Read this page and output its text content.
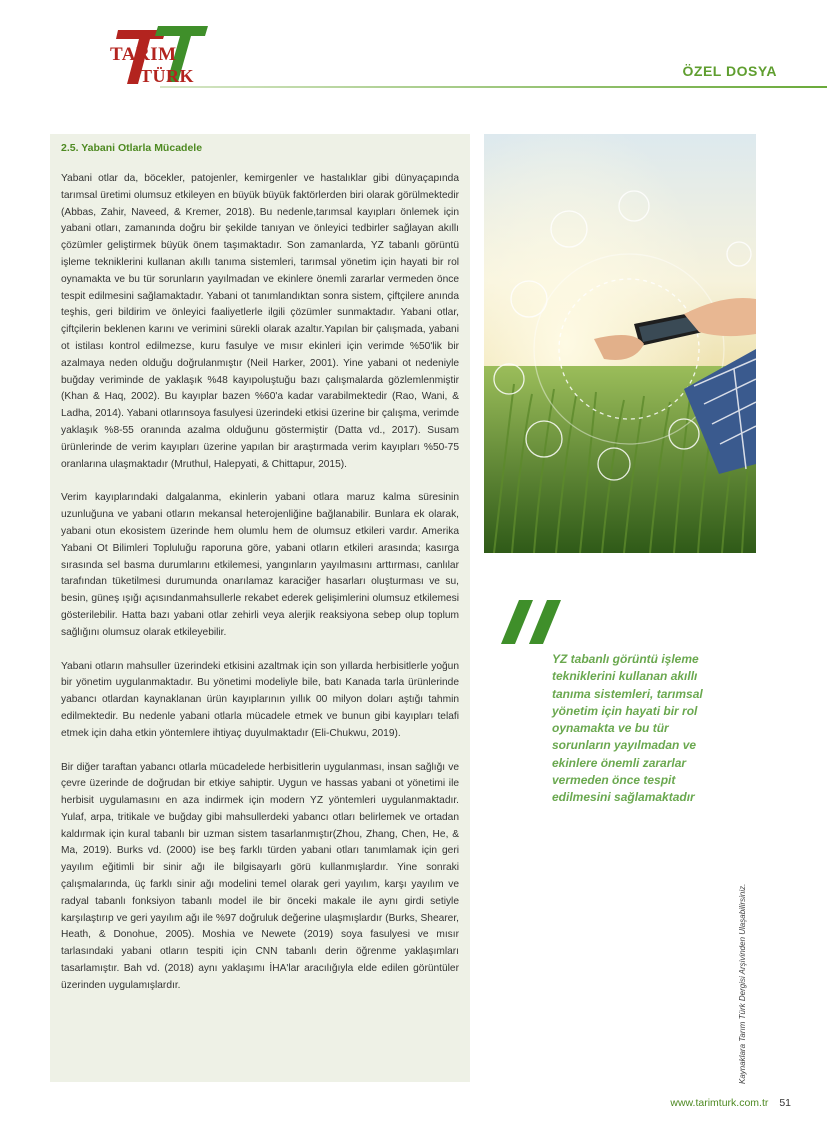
TARIM
TÜRK	ÖZEL DOSYA
2.5. Yabani Otlarla Mücadele

Yabani otlar da, böcekler, patojenler, kemirgenler ve hastalıklar gibi dünyaçapında tarımsal üretimi olumsuz etkileyen en büyük büyük faktörlerden biri olarak görülmektedir (Abbas, Zahir, Naveed, & Kremer, 2018). Bu nedenle,tarımsal kayıpları önlemek için yabani otları, zamanında doğru bir şekilde tanıyan ve önleyici tedbirler sağlayan akıllı çözümler geliştirmek büyük önem taşımaktadır. Son zamanlarda, YZ tabanlı görüntü işleme tekniklerini kullanan akıllı tanıma sistemleri, tarımsal yönetim için hayati bir rol oynamakta ve bu tür sorunların yayılmadan ve ekinlere önemli zararlar vermeden önce tespit edilmesini sağlamaktadır. Yabani ot tanımlandıktan sonra sistem, çiftçilere anında teşhis, geri bildirim ve önleyici faaliyetlerle ilgili çözümler sunmaktadır. Yabani otlar, çiftçilerin beklenen karını ve verimini sürekli olarak azaltır.Yapılan bir çalışmada, yabani ot istilası kontrol edilmezse, kuru fasulye ve mısır ekinleri için verimde %50'lik bir azalmaya neden olduğu doğrulanmıştır (Neil Harker, 2001). Yine yabani ot nedeniyle buğday veriminde de yaklaşık %48 kayıpoluştuğu bazı çalışmalarda gözlemlenmiştir (Khan & Haq, 2002). Bu kayıplar bazen %60'a kadar varabilmektedir (Rao, Wani, & Ladha, 2014). Yabani otlarınsoya fasulyesi üzerindeki etkisi üzerine bir çalışma, verimde yaklaşık %8-55 oranında azalma olduğunu göstermiştir (Datta vd., 2017). Susam ürünlerinde de verim kayıpları üzerine yapılan bir araştırmada verim kayıpları %50-75 oranlarına ulaşmaktadır (Mruthul, Halepyati, & Chittapur, 2015).

Verim kayıplarındaki dalgalanma, ekinlerin yabani otlara maruz kalma süresinin uzunluğuna ve yabani otların mekansal heterojenliğine bağlanabilir. Bunlara ek olarak, yabani otun ekosistem üzerinde hem olumlu hem de olumsuz etkileri vardır. Amerika Yabani Ot Bilimleri Topluluğu raporuna göre, yabani otların etkileri arasında; kasırga sırasında sel basma durumlarını etkilemesi, yangınların yayılmasını arttırması, canlılar tarafından tüketilmesi durumunda onarılamaz karaciğer hasarları oluşturması ve su, besin, güneş ışığı açısındanmahsullerle rekabet ederek gelişimlerini olumsuz etkilemesi gösterilebilir. Hatta bazı yabani otlar zehirli veya alerjik reaksiyona sebep olup toplum sağlığını olumsuz olarak etkileyebilir.

Yabani otların mahsuller üzerindeki etkisini azaltmak için son yıllarda herbisitlerle yoğun bir yönetim uygulanmaktadır. Bu yönetimi modeliyle bile, batı Kanada tarla ürünlerinde yabancı otlardan kaynaklanan ürün kayıplarının yıllık 00 milyon doları aştığı tahmin edilmektedir. Bu nedenle yabani otlarla mücadele etmek ve bunun gibi kayıpları telafi etmek için daha etkin yöntemlere ihtiyaç duyulmaktadır (Eli-Chukwu, 2019).

Bir diğer taraftan yabancı otlarla mücadelede herbisitlerin uygulanması, insan sağlığı ve çevre üzerinde de doğrudan bir etkiye sahiptir. Uygun ve hassas yabani ot yönetimi ile herbisit uygulamasını en aza indirmek için modern YZ yöntemleri uygulanmaktadır. Yulaf, arpa, tritikale ve buğday gibi mahsullerdeki yabancı otları belirlemek ve ortadan kaldırmak için kural tabanlı bir uzman sistem tasarlanmıştır(Zhou, Zhang, Chen, He, & Ma, 2019). Burks vd. (2000) ise beş farklı türden yabani otları tanımlamak için geri yayılım eğitimli bir sinir ağı ile bilgisayarlı görü kullanmışlardır. Yine sonraki çalışmalarında, üç farklı sinir ağı modelini temel olarak geri yayılım, karşı yayılım ve radyal tabanlı fonksiyon tabanlı model ile bir önceki makale ile aynı girdi setiyle karşılaştırıp ve geri yayılım ağı ile %97 doğruluk değerine ulaşmışlardır (Burks, Shearer, Heath, & Donohue, 2005). Moshia ve Newete (2019) soya fasulyesi ve mısır tarlasındaki yabani otların tespiti için CNN tabanlı derin öğrenme yaklaşımları tasarlamıştır. Bah vd. (2018) aynı yaklaşımı İHA'lar aracılığıyla elde edilen görüntüler üzerinden uygulamışlardır.

YZ tabanlı görüntü işleme tekniklerini kullanan akıllı tanıma sistemleri, tarımsal yönetim için hayati bir rol oynamakta ve bu tür sorunların yayılmadan ve ekinlere önemli zararlar vermeden önce tespit edilmesini sağlamaktadır

Kaynaklara Tarım Türk Dergisi Arşivinden Ulaşabilirsiniz.
www.tarimturk.com.tr 51
